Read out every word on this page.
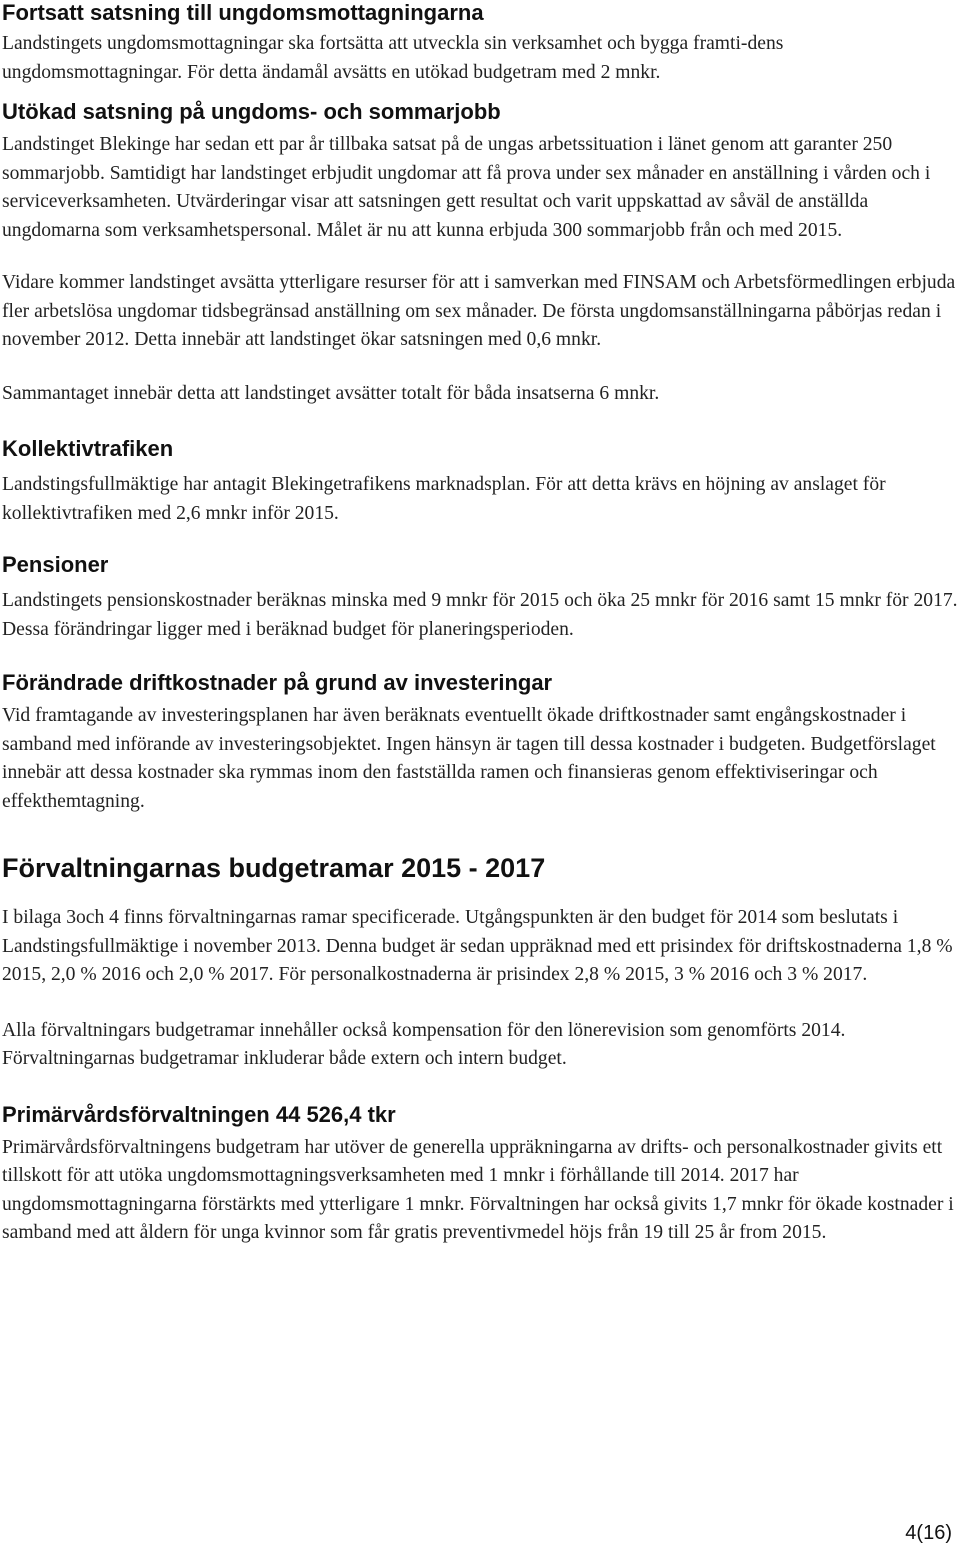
Fortsatt satsning till ungdomsmottagningarna

Landstingets ungdomsmottagningar ska fortsätta att utveckla sin verksamhet och bygga framti-dens ungdomsmottagningar. För detta ändamål avsätts en utökad budgetram med 2 mnkr.

Utökad satsning på ungdoms- och sommarjobb

Landstinget Blekinge har sedan ett par år tillbaka satsat på de ungas arbetssituation i länet genom att garanter 250 sommarjobb. Samtidigt har landstinget erbjudit ungdomar att få prova under sex månader en anställning i vården och i serviceverksamheten. Utvärderingar visar att satsningen gett resultat och varit uppskattad av såväl de anställda ungdomarna som verksamhetspersonal. Målet är nu att kunna erbjuda 300 sommarjobb från och med 2015.

Vidare kommer landstinget avsätta ytterligare resurser för att i samverkan med FINSAM och Arbetsförmedlingen erbjuda fler arbetslösa ungdomar tidsbegränsad anställning om sex månader. De första ungdomsanställningarna påbörjas redan i november 2012. Detta innebär att landstinget ökar satsningen med 0,6 mnkr.

Sammantaget innebär detta att landstinget avsätter totalt för båda insatserna 6 mnkr.

Kollektivtrafiken

Landstingsfullmäktige har antagit Blekingetrafikens marknadsplan. För att detta krävs en höjning av anslaget för kollektivtrafiken med 2,6 mnkr inför 2015.

Pensioner

Landstingets pensionskostnader beräknas minska med 9 mnkr för 2015 och öka 25 mnkr för 2016 samt 15 mnkr för 2017. Dessa förändringar ligger med i beräknad budget för planeringsperioden.

Förändrade driftkostnader på grund av investeringar

Vid framtagande av investeringsplanen har även beräknats eventuellt ökade driftkostnader samt engångskostnader i samband med införande av investeringsobjektet. Ingen hänsyn är tagen till dessa kostnader i budgeten. Budgetförslaget innebär att dessa kostnader ska rymmas inom den fastställda ramen och finansieras genom effektiviseringar och effekthemtagning.

Förvaltningarnas budgetramar 2015 - 2017

I bilaga 3och 4 finns förvaltningarnas ramar specificerade. Utgångspunkten är den budget för 2014 som beslutats i Landstingsfullmäktige i november 2013. Denna budget är sedan uppräknad med ett prisindex för driftskostnaderna 1,8 % 2015, 2,0 % 2016 och 2,0 % 2017. För personalkostnaderna är prisindex 2,8 % 2015, 3 % 2016 och 3 % 2017.

Alla förvaltningars budgetramar innehåller också kompensation för den lönerevision som genomförts 2014. Förvaltningarnas budgetramar inkluderar både extern och intern budget.

Primärvårdsförvaltningen 44 526,4 tkr

Primärvårdsförvaltningens budgetram har utöver de generella uppräkningarna av drifts- och personalkostnader givits ett tillskott för att utöka ungdomsmottagningsverksamheten med 1 mnkr i förhållande till 2014. 2017 har ungdomsmottagningarna förstärkts med ytterligare 1 mnkr. Förvaltningen har också givits 1,7 mnkr för ökade kostnader i samband med att åldern för unga kvinnor som får gratis preventivmedel höjs från 19 till 25 år from 2015.

4(16)
